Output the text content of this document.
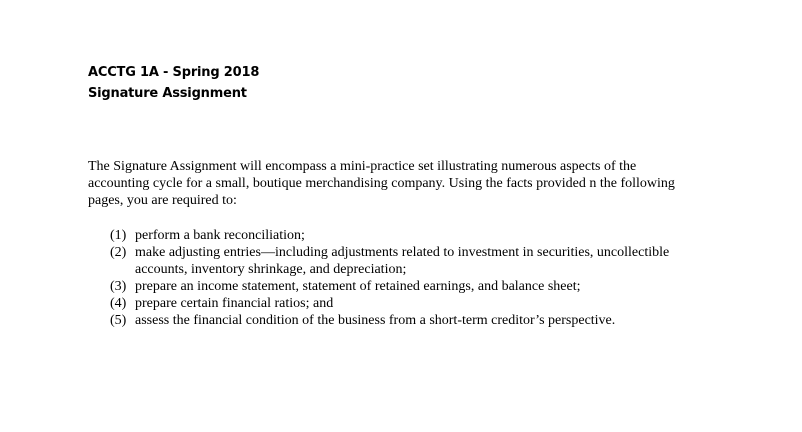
ACCTG 1A - Spring 2018
Signature Assignment
The Signature Assignment will encompass a mini-practice set illustrating numerous aspects of the
accounting cycle for a small, boutique merchandising company. Using the facts provided n the following
pages, you are required to:
(1) perform a bank reconciliation;
(2) make adjusting entries—including adjustments related to investment in securities, uncollectible
accounts, inventory shrinkage, and depreciation;
(3) prepare an income statement, statement of retained earnings, and balance sheet;
(4) prepare certain financial ratios; and
(5) assess the financial condition of the business from a short-term creditor’s perspective.
